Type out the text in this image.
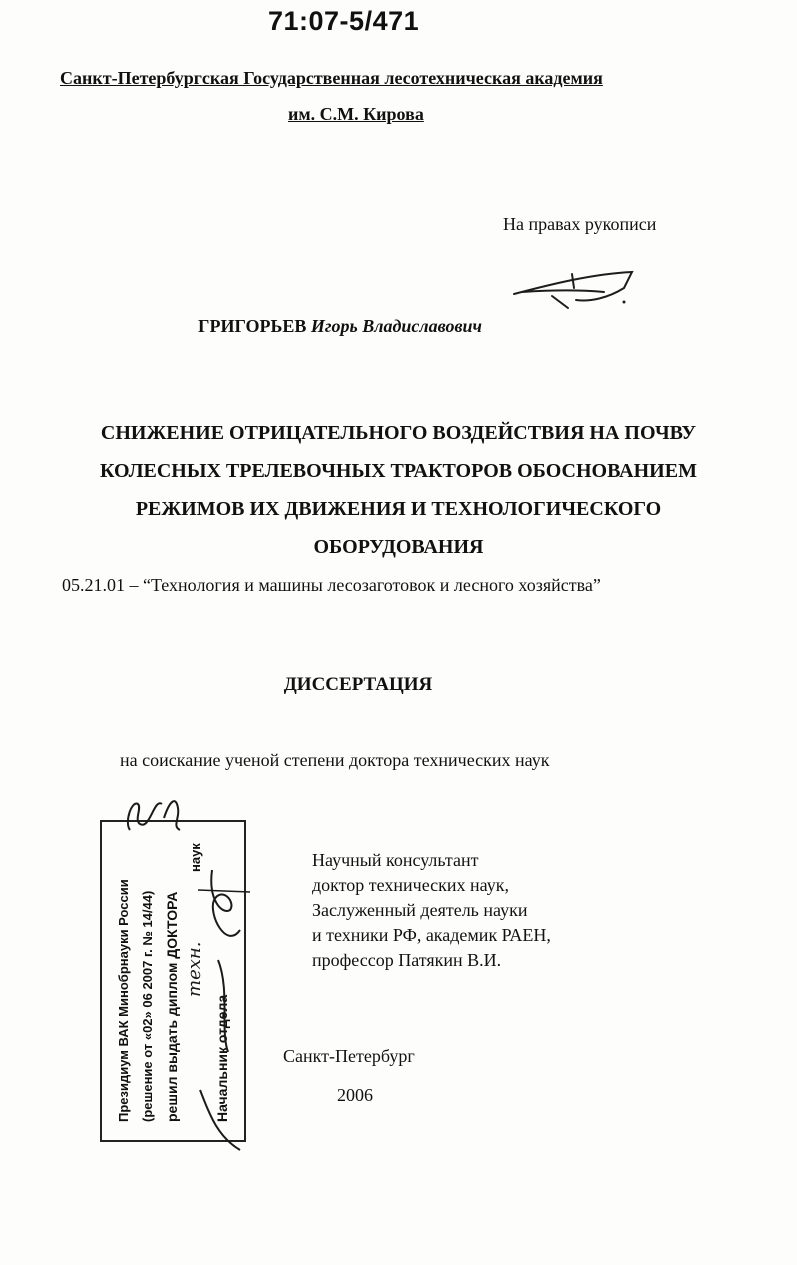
71:07-5/471
Санкт-Петербургская Государственная лесотехническая академия
им. С.М. Кирова
На правах рукописи
ГРИГОРЬЕВ Игорь Владиславович
СНИЖЕНИЕ ОТРИЦАТЕЛЬНОГО ВОЗДЕЙСТВИЯ НА ПОЧВУ
КОЛЕСНЫХ ТРЕЛЕВОЧНЫХ ТРАКТОРОВ ОБОСНОВАНИЕМ
РЕЖИМОВ ИХ ДВИЖЕНИЯ И ТЕХНОЛОГИЧЕСКОГО
ОБОРУДОВАНИЯ
05.21.01 – “Технология и машины лесозаготовок и лесного хозяйства”
ДИССЕРТАЦИЯ
на соискание ученой степени доктора технических наук
Научный консультант
доктор технических наук,
Заслуженный деятель науки
и техники РФ, академик РАЕН,
профессор Патякин В.И.
Санкт-Петербург
2006
Президиум ВАК Минобрнауки России (решение от «02» 06 2007 г. № 14/44) решил выдать диплом ДОКТОРА
наук
Начальник отдела
техн.
